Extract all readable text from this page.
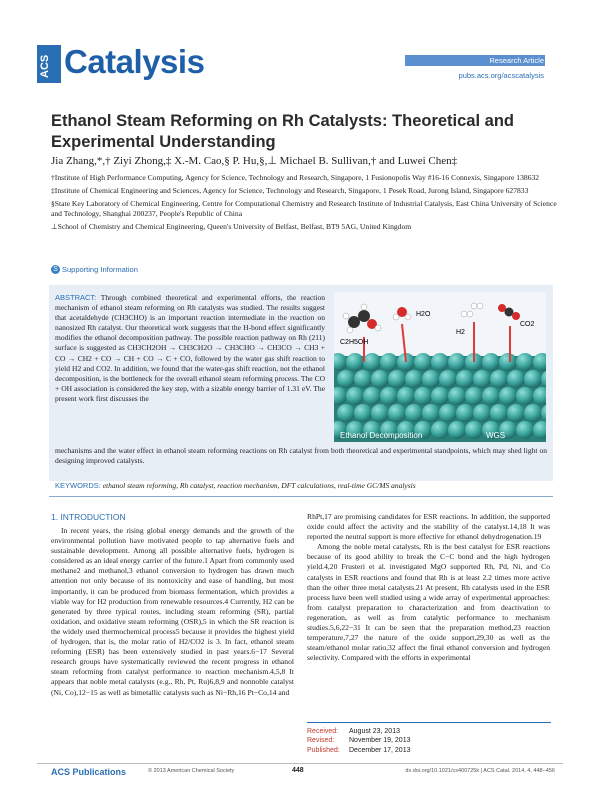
ACS Catalysis	Research Article
pubs.acs.org/acscatalysis
Ethanol Steam Reforming on Rh Catalysts: Theoretical and Experimental Understanding
Jia Zhang,*,† Ziyi Zhong,‡ X.-M. Cao,§ P. Hu,§,⊥ Michael B. Sullivan,† and Luwei Chen‡

†Institute of High Performance Computing, Agency for Science, Technology and Research, Singapore, 1 Fusionopolis Way #16-16 Connexis, Singapore 138632

‡Institute of Chemical Engineering and Sciences, Agency for Science, Technology and Research, Singapore, 1 Pesek Road, Jurong Island, Singapore 627833

§State Key Laboratory of Chemical Engineering, Centre for Computational Chemistry and Research Institute of Industrial Catalysis, East China University of Science and Technology, Shanghai 200237, People's Republic of China

⊥School of Chemistry and Chemical Engineering, Queen's University of Belfast, Belfast, BT9 5AG, United Kingdom

S Supporting Information
ABSTRACT: Through combined theoretical and experimental efforts, the reaction mechanism of ethanol steam reforming on Rh catalysts was studied. The results suggest that acetaldehyde (CH3CHO) is an important reaction intermediate in the reaction on nanosized Rh catalyst. Our theoretical work suggests that the H-bond effect significantly modifies the ethanol decomposition pathway. The possible reaction pathway on Rh (211) surface is suggested as CH3CH2OH → CH3CH2O → CH3CHO → CH3CO → CH3 + CO → CH2 + CO → CH + CO → C + CO, followed by the water gas shift reaction to yield H2 and CO2. In addition, we found that the water-gas shift reaction, not the ethanol decomposition, is the bottleneck for the overall ethanol steam reforming process. The CO + OH association is considered the key step, with a sizable energy barrier of 1.31 eV. The present work first discusses the
mechanisms and the water effect in ethanol steam reforming reactions on Rh catalyst from both theoretical and experimental standpoints, which may shed light on designing improved catalysts.
KEYWORDS: ethanol steam reforming, Rh catalyst, reaction mechanism, DFT calculations, real-time GC/MS analysis
H2O
C2H5OH
H2
CO2
Ethanol Decomposition	WGS
1. INTRODUCTION

In recent years, the rising global energy demands and the growth of the environmental pollution have motivated people to tap alternative fuels and sustainable development. Among all possible alternative fuels, hydrogen is considered as an ideal energy carrier of the future.1 Apart from commonly used methane2 and methanol,3 ethanol conversion to hydrogen has drawn much attention not only because of its nontoxicity and ease of handling, but most importantly, it can be produced from biomass fermentation, which provides a viable way for H2 production from renewable resources.4 Currently, H2 can be generated by three typical routes, including steam reforming (SR), partial oxidation, and oxidative steam reforming (OSR),5 in which the SR reaction is the widely used thermochemical process5 because it provides the highest yield of hydrogen, that is, the molar ratio of H2/CO2 is 3. In fact, ethanol steam reforming (ESR) has been extensively studied in past years.6−17 Several research groups have systematically reviewed the recent progress in ethanol steam reforming from catalyst performance to reaction mechanism.4,5,8 It appears that noble metal catalysts (e.g., Rh, Pt, Ru)6,8,9 and nonnoble catalyst (Ni, Co),12−15 as well as bimetallic catalysts such as Ni−Rh,16 Pt−Co,14 and

RhPt,17 are promising candidates for ESR reactions. In addition, the supported oxide could affect the activity and the stability of the catalyst.14,18 It was reported the neutral support is more effective for ethanol dehydrogenation.19

Among the noble metal catalysts, Rh is the best catalyst for ESR reactions because of its good ability to break the C−C bond and the high hydrogen yield.4,20 Frusteri et al. investigated MgO supported Rh, Pd, Ni, and Co catalysts in ESR reactions and found that Rh is at least 2.2 times more active than the other three metal catalysts.21 At present, Rh catalysts used in the ESR process have been well studied using a wide array of experimental approaches: from catalyst preparation to characterization and from deactivation to regeneration, as well as from catalytic performance to mechanism studies.5,6,22−31 It can be seen that the preparation method,23 reaction temperature,7,27 the nature of the oxide support,29,30 as well as the steam/ethanol molar ratio,32 affect the final ethanol conversion and hydrogen selectivity. Compared with the efforts in experimental

Received: August 23, 2013
Revised: November 19, 2013
Published: December 17, 2013
ACS Publications	© 2013 American Chemical Society	448	dx.doi.org/10.1021/cs400725k | ACS Catal. 2014, 4, 448−456
